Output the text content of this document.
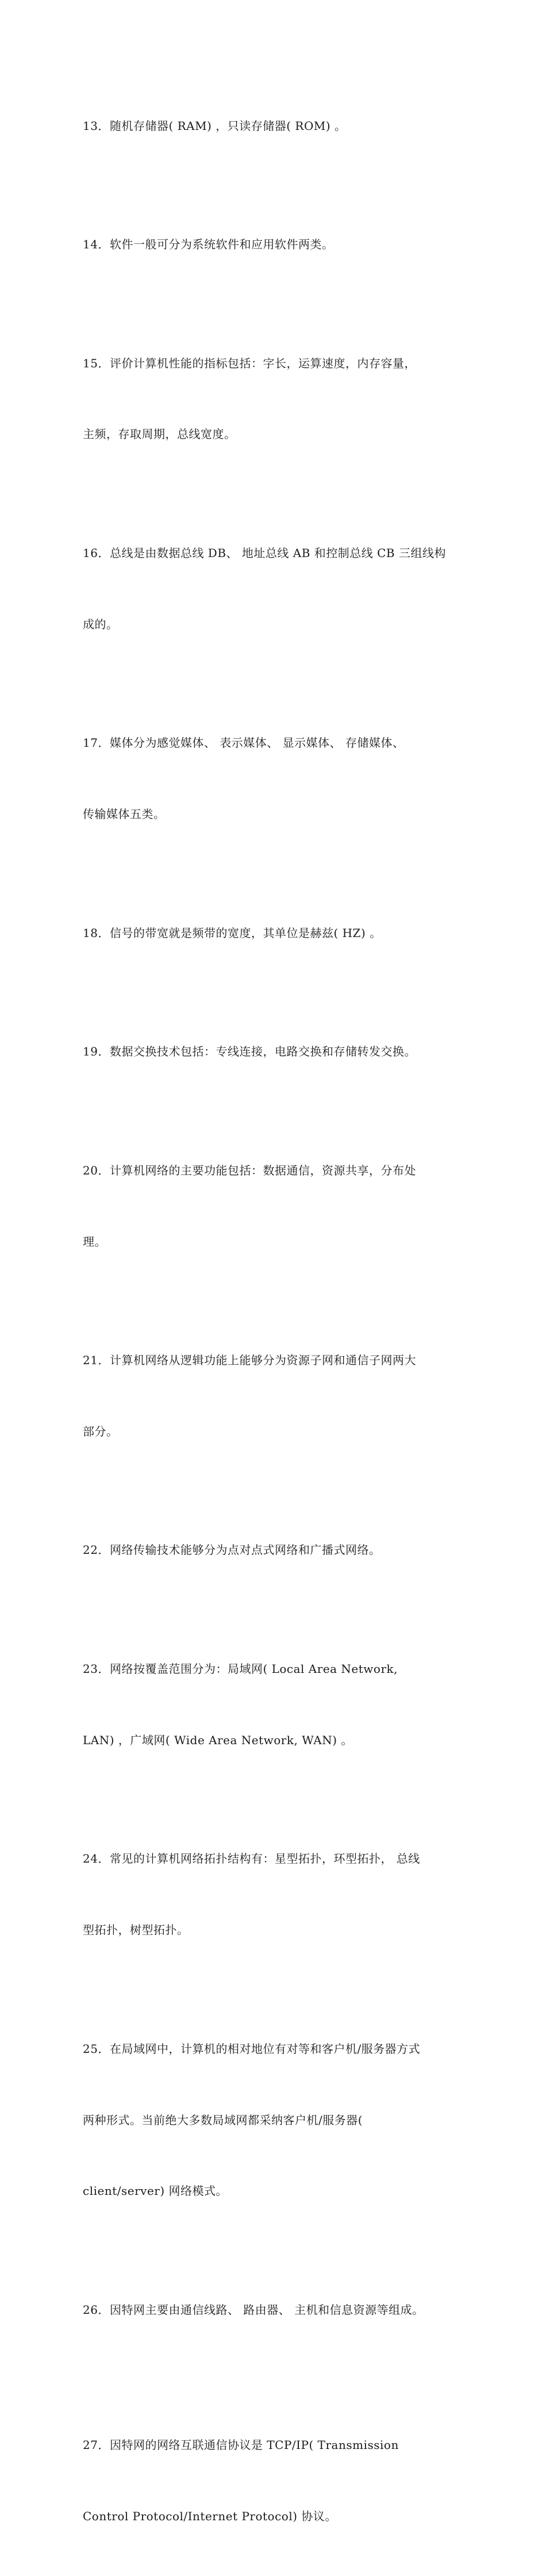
13．随机存储器( RAM) ，只读存储器( ROM) 。

14．软件一般可分为系统软件和应用软件两类。

15．评价计算机性能的指标包括：字长，运算速度，内存容量，

主频，存取周期，总线宽度。

16．总线是由数据总线 DB、 地址总线 AB 和控制总线 CB 三组线构

成的。

17．媒体分为感觉媒体、 表示媒体、 显示媒体、 存储媒体、

传输媒体五类。

18．信号的带宽就是频带的宽度，其单位是赫兹( HZ) 。

19．数据交换技术包括：专线连接，电路交换和存储转发交换。

20．计算机网络的主要功能包括：数据通信，资源共享，分布处

理。

21．计算机网络从逻辑功能上能够分为资源子网和通信子网两大

部分。

22．网络传输技术能够分为点对点式网络和广播式网络。

23．网络按覆盖范围分为：局域网( Local Area Network,

LAN) ，广域网( Wide Area Network, WAN) 。

24．常见的计算机网络拓扑结构有：星型拓扑，环型拓扑， 总线

型拓扑，树型拓扑。

25．在局域网中，计算机的相对地位有对等和客户机/服务器方式

两种形式。当前绝大多数局域网都采纳客户机/服务器(

client/server) 网络模式。

26．因特网主要由通信线路、 路由器、 主机和信息资源等组成。

27．因特网的网络互联通信协议是 TCP/IP( Transmission

Control Protocol/Internet Protocol) 协议。
